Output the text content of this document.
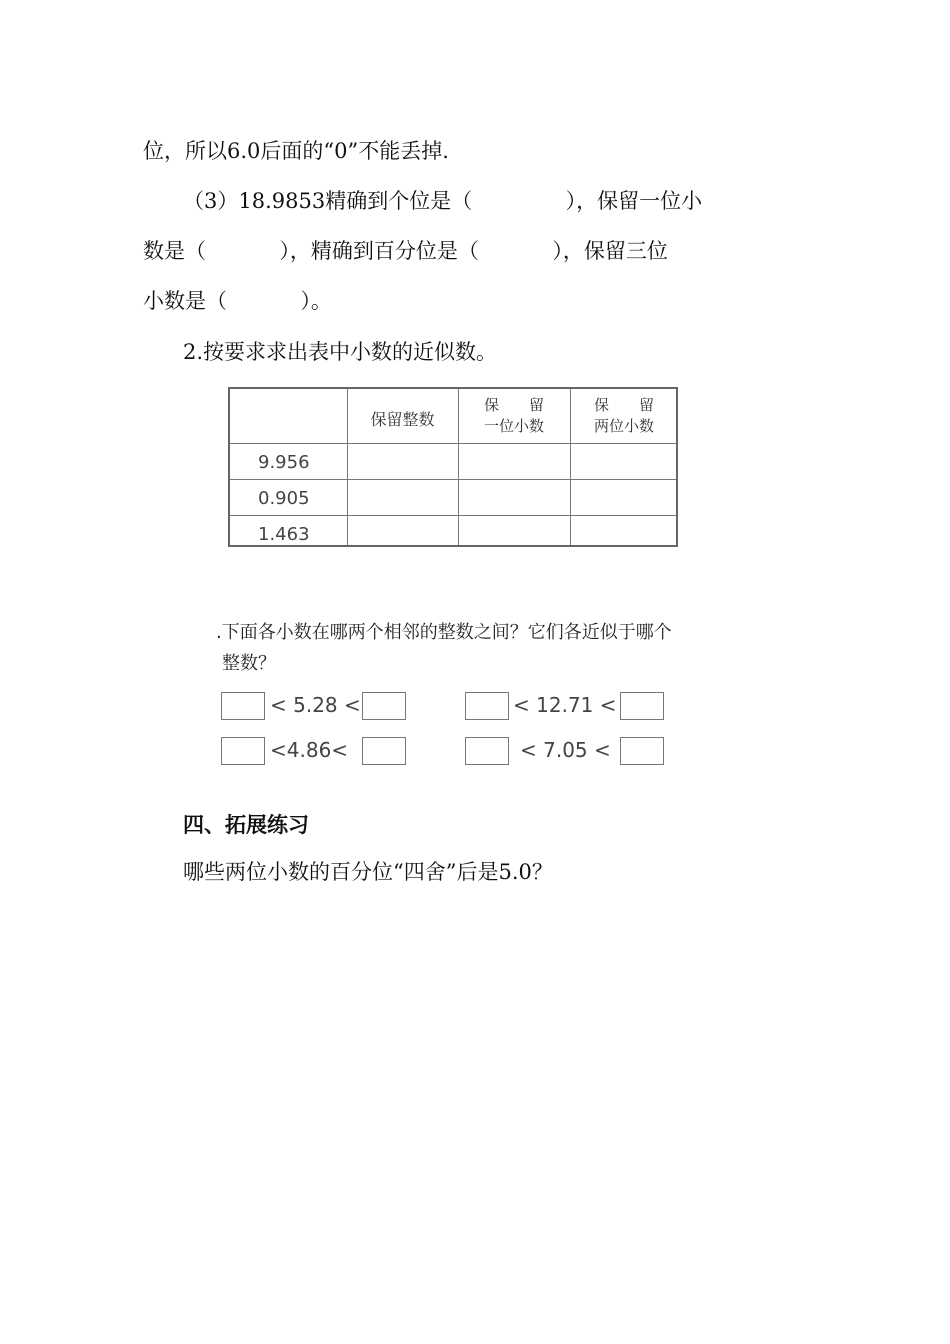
位，所以6.0后面的“0”不能丢掉.
（3）18.9853精确到个位是（              ），保留一位小
数是（           ），精确到百分位是（           ），保留三位
小数是（           ）。
2.按要求求出表中小数的近似数。
保留整数
保　　留
一位小数
保　　留
两位小数
9.956
0.905
1.463
.下面各小数在哪两个相邻的整数之间？它们各近似于哪个
整数？
< 5.28 <	< 12.71 <
<4.86<	< 7.05 <
四、拓展练习
哪些两位小数的百分位“四舍”后是5.0？
